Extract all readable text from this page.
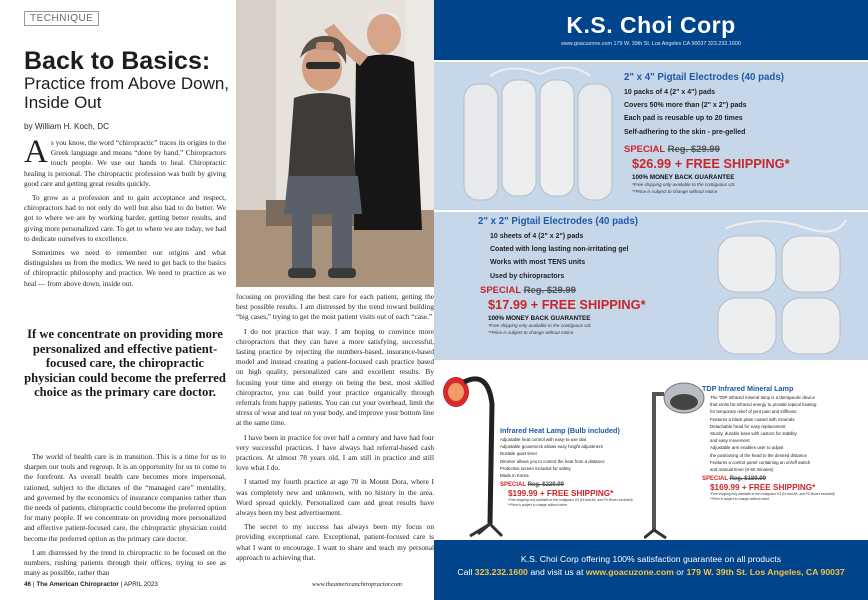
TECHNIQUE
Back to Basics:
Practice from Above Down, Inside Out
by William H. Koch, DC

As you know, the word “chiropractic” traces its origins to the Greek language and means “done by hand.” Chiropractors touch people. We use our hands to heal. Chiropractic healing is personal. The chiropractic profession was built by giving good care and getting great results quickly.

To grow as a profession and to gain acceptance and respect, chiropractors had to not only do well but also had to do better. We got to where we are by working harder, getting better results, and giving more personalized care. To get to where we are today, we had to dedicate ourselves to excellence.

Sometimes we need to remember our origins and what distinguishes us from the medics. We need to get back to the basics of chiropractic philosophy and practice. We need to practice as we heal — from above down, inside out.

If we concentrate on providing more personalized and effective patient-focused care, the chiropractic physician could become the preferred choice as the primary care doctor.

The world of health care is in transition. This is a time for us to sharpen our tools and regroup. It is an opportunity for us to come to the forefront. As overall health care becomes more impersonal, rationed, subject to the dictates of the “managed care” mentality, and governed by the economics of insurance companies rather than the needs of patients, chiropractic could become the preferred option for many people. If we concentrate on providing more personalized and effective patient-focused care, the chiropractic physician could become the preferred option as the primary care doctor.

I am distressed by the trend in chiropractic to be focused on the numbers, rushing patients through their offices, trying to see as many as possible, rather than

focusing on providing the best care for each patient, getting the best possible results. I am distressed by the trend toward building “big cases,” trying to get the most patient visits out of each “case.”

I do not practice that way. I am hoping to convince more chiropractors that they can have a more satisfying, successful, lasting practice by rejecting the numbers-based, insurance-based model and instead creating a patient-focused cash practice based on high quality, personalized care and excellent results. By focusing your time and energy on being the best, most skilled chiropractor, you can build your practice organically through referrals from happy patients. You can cut your overhead, limit the stress of wear and tear on your body, and improve your bottom line at the same time.

I have been in practice for over half a century and have had four very successful practices. I have always had referral-based cash practices. At almost 78 years old, I am still in practice and still love what I do.

I started my fourth practice at age 70 in Mount Dora, where I was completely new and unknown, with no history in the area. Word spread quickly. Personalized care and great results have always been my best advertisement.

The secret to my success has always been my focus on providing exceptional care. Exceptional, patient-focused care is what I want to encourage. I want to share and teach my personal approach to achieving that.

46 | The American Chiropractor | APRIL 2023	www.theamericanchiropractor.com
K.S. Choi Corp
www.goacuzone.com 179 W. 39th St. Los Angeles CA 90037 323.232.1600
2" x 4" Pigtail Electrodes (40 pads)
10 packs of 4 (2" x 4") pads
Covers 50% more than (2" x 2") pads
Each pad is reusable up to 20 times
Self-adhering to the skin - pre-gelled
SPECIAL Reg. $29.99
$26.99 + FREE SHIPPING*
100% MONEY BACK GUARANTEE
*Free shipping only available to the contiguous US
**Price is subject to change without notice
2" x 2" Pigtail Electrodes (40 pads)
10 sheets of 4 (2" x 2") pads
Coated with long lasting non-irritating gel
Works with most TENS units
Used by chiropractors
SPECIAL Reg. $29.99
$17.99 + FREE SHIPPING*
100% MONEY BACK GUARANTEE
*Free shipping only available to the contiguous US
**Price is subject to change without notice
Infrared Heat Lamp (Bulb included)
Adjustable heat control with easy-to-use dial
Adjustable gooseneck allows easy height adjustment
Durable quiet timer
Dimmer allows you to control the heat from a distance
Protective screen included for safety
Made in Korea
SPECIAL Reg. $229.99
$199.99 + FREE SHIPPING*
*Free shipping only available to the contiguous US (HI and AK, and PO Boxes excluded)
**Price is subject to change without notice
TDP Infrared Mineral Lamp
The TDP Infrared mineral lamp is a therapeutic device
that emits far-infrared energy to provide topical heating
for temporary relief of joint pain and stiffness.
Features a black plate coated with minerals
Detachable head for easy replacement
Sturdy, durable base with castors for stability
and easy movement
Adjustable arm enables user to adjust
the positioning of the head to the desired distance
Features a control panel containing an on/off switch
and manual timer (0-60 minutes)
SPECIAL Reg. $189.99
$169.99 + FREE SHIPPING*
*Free shipping only available to the contiguous US (HI and AK, and PO Boxes excluded)
**Price is subject to change without notice
K.S. Choi Corp offering 100% satisfaction guarantee on all products
Call 323.232.1600 and visit us at www.goacuzone.com or 179 W. 39th St. Los Angeles, CA 90037
